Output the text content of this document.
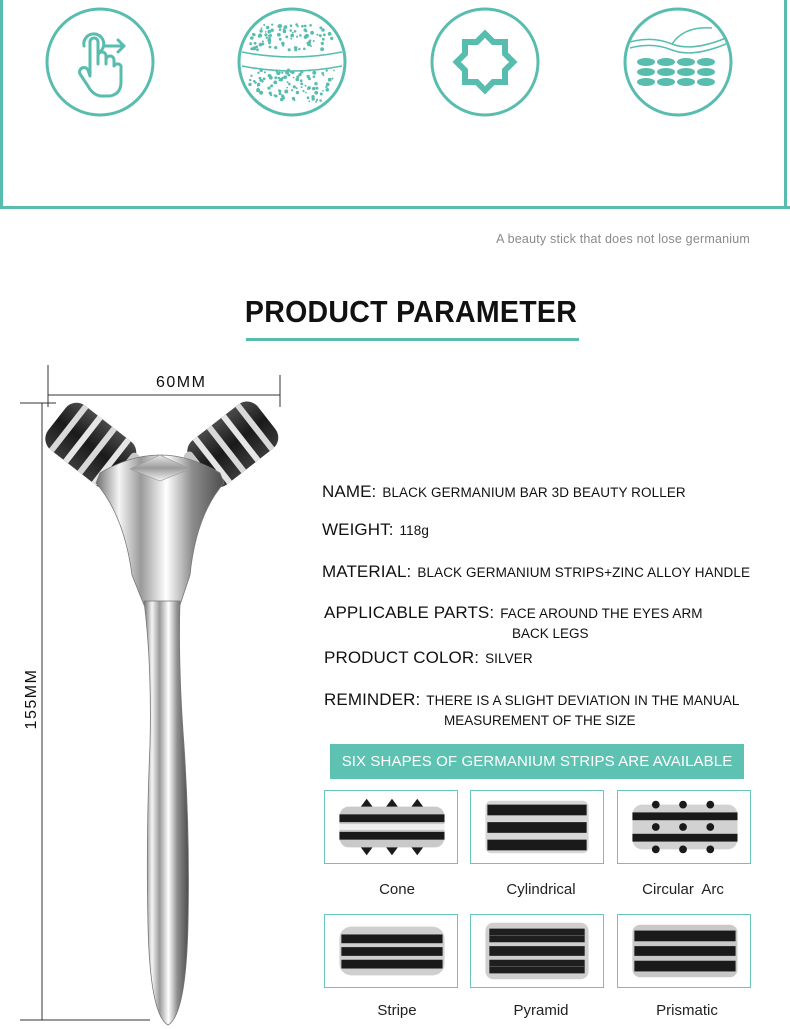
A beauty stick that does not lose germanium
PRODUCT PARAMETER
60MM
155MM
NAME: BLACK GERMANIUM BAR 3D BEAUTY ROLLER
WEIGHT: 118g
MATERIAL: BLACK GERMANIUM STRIPS+ZINC ALLOY HANDLE
APPLICABLE PARTS: FACE AROUND THE EYES ARM
BACK LEGS
PRODUCT COLOR: SILVER
REMINDER: THERE IS A SLIGHT DEVIATION IN THE MANUAL
MEASUREMENT OF THE SIZE
SIX SHAPES OF GERMANIUM STRIPS ARE AVAILABLE
Cone	Cylindrical	Circular  Arc
Stripe	Pyramid	Prismatic
